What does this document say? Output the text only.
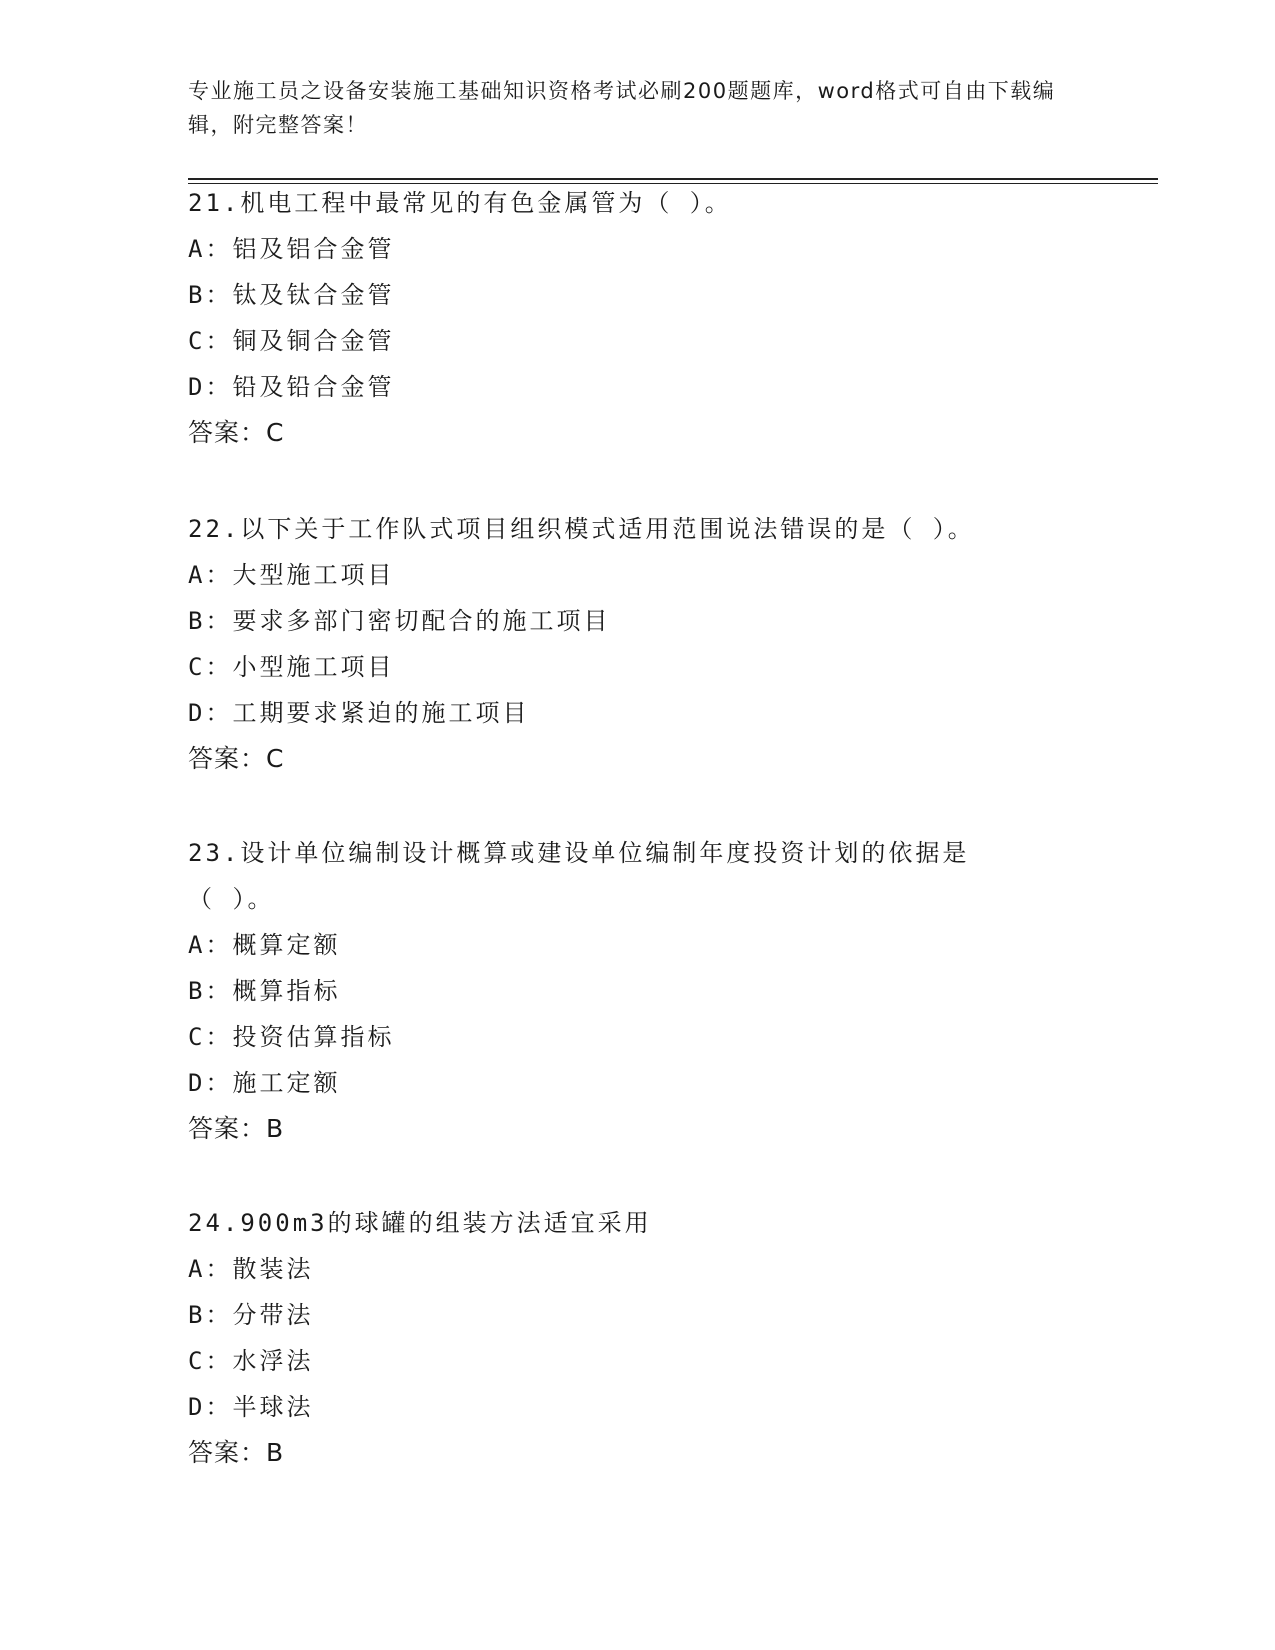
专业施工员之设备安装施工基础知识资格考试必刷200题题库，word格式可自由下载编辑，附完整答案！
21.机电工程中最常见的有色金属管为（ ）。
A：铝及铝合金管
B：钛及钛合金管
C：铜及铜合金管
D：铅及铅合金管
答案：C
22.以下关于工作队式项目组织模式适用范围说法错误的是（ ）。
A：大型施工项目
B：要求多部门密切配合的施工项目
C：小型施工项目
D：工期要求紧迫的施工项目
答案：C
23.设计单位编制设计概算或建设单位编制年度投资计划的依据是（ ）。
A：概算定额
B：概算指标
C：投资估算指标
D：施工定额
答案：B
24.900m3的球罐的组装方法适宜采用
A：散装法
B：分带法
C：水浮法
D：半球法
答案：B
